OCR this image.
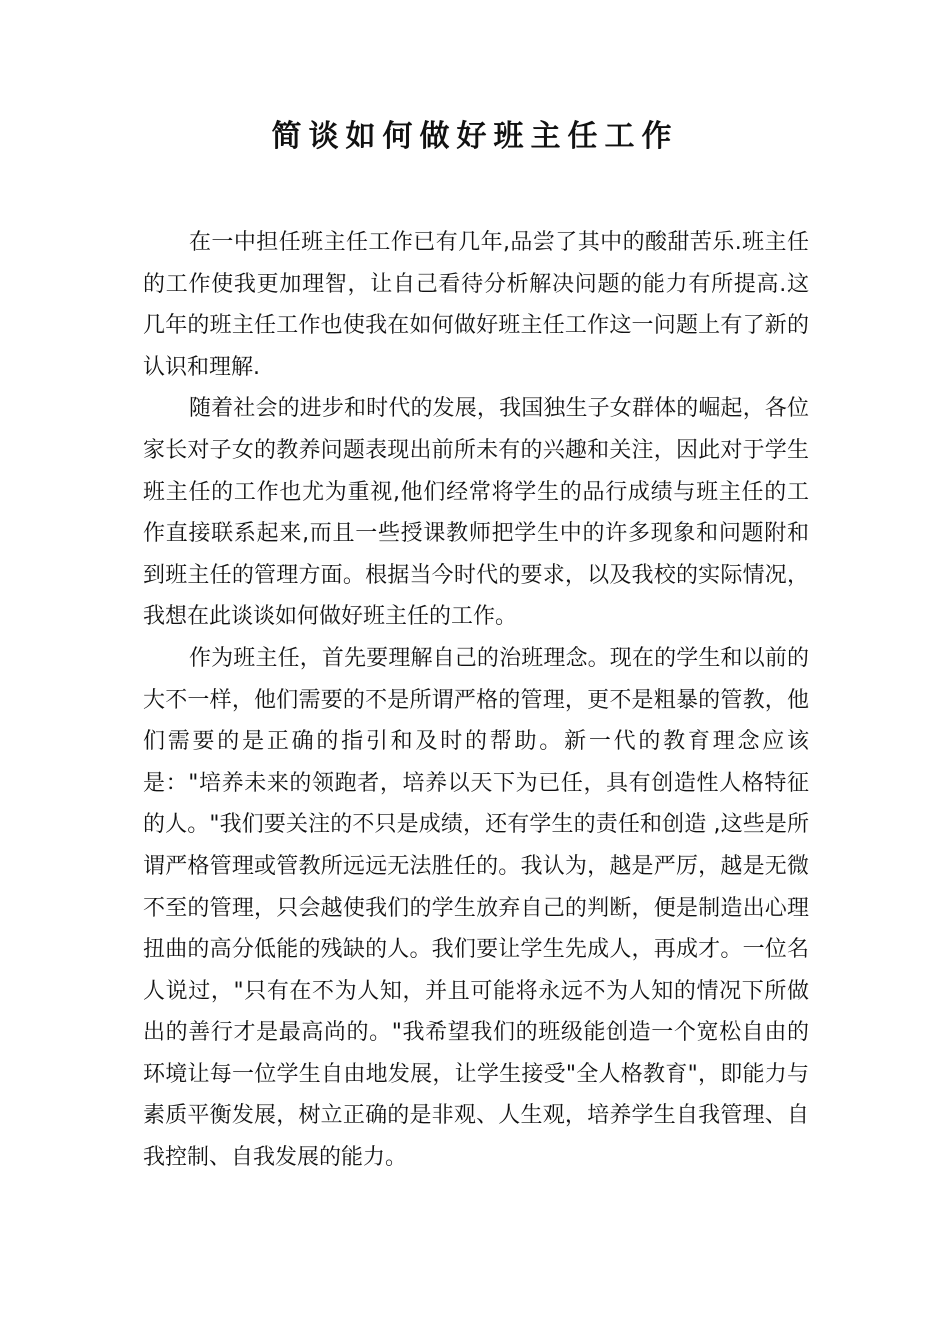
简谈如何做好班主任工作

在一中担任班主任工作已有几年,品尝了其中的酸甜苦乐.班主任的工作使我更加理智，让自己看待分析解决问题的能力有所提高.这几年的班主任工作也使我在如何做好班主任工作这一问题上有了新的认识和理解.

随着社会的进步和时代的发展，我国独生子女群体的崛起，各位家长对子女的教养问题表现出前所未有的兴趣和关注，因此对于学生班主任的工作也尤为重视,他们经常将学生的品行成绩与班主任的工作直接联系起来,而且一些授课教师把学生中的许多现象和问题附和到班主任的管理方面。根据当今时代的要求，以及我校的实际情况，我想在此谈谈如何做好班主任的工作。

作为班主任，首先要理解自己的治班理念。现在的学生和以前的大不一样，他们需要的不是所谓严格的管理，更不是粗暴的管教，他们需要的是正确的指引和及时的帮助。新一代的教育理念应该是："培养未来的领跑者，培养以天下为已任，具有创造性人格特征的人。"我们要关注的不只是成绩，还有学生的责任和创造 ,这些是所谓严格管理或管教所远远无法胜任的。我认为，越是严厉，越是无微不至的管理，只会越使我们的学生放弃自己的判断，便是制造出心理扭曲的高分低能的残缺的人。我们要让学生先成人，再成才。一位名人说过，"只有在不为人知，并且可能将永远不为人知的情况下所做出的善行才是最高尚的。"我希望我们的班级能创造一个宽松自由的环境让每一位学生自由地发展，让学生接受"全人格教育"，即能力与素质平衡发展，树立正确的是非观、人生观，培养学生自我管理、自我控制、自我发展的能力。
